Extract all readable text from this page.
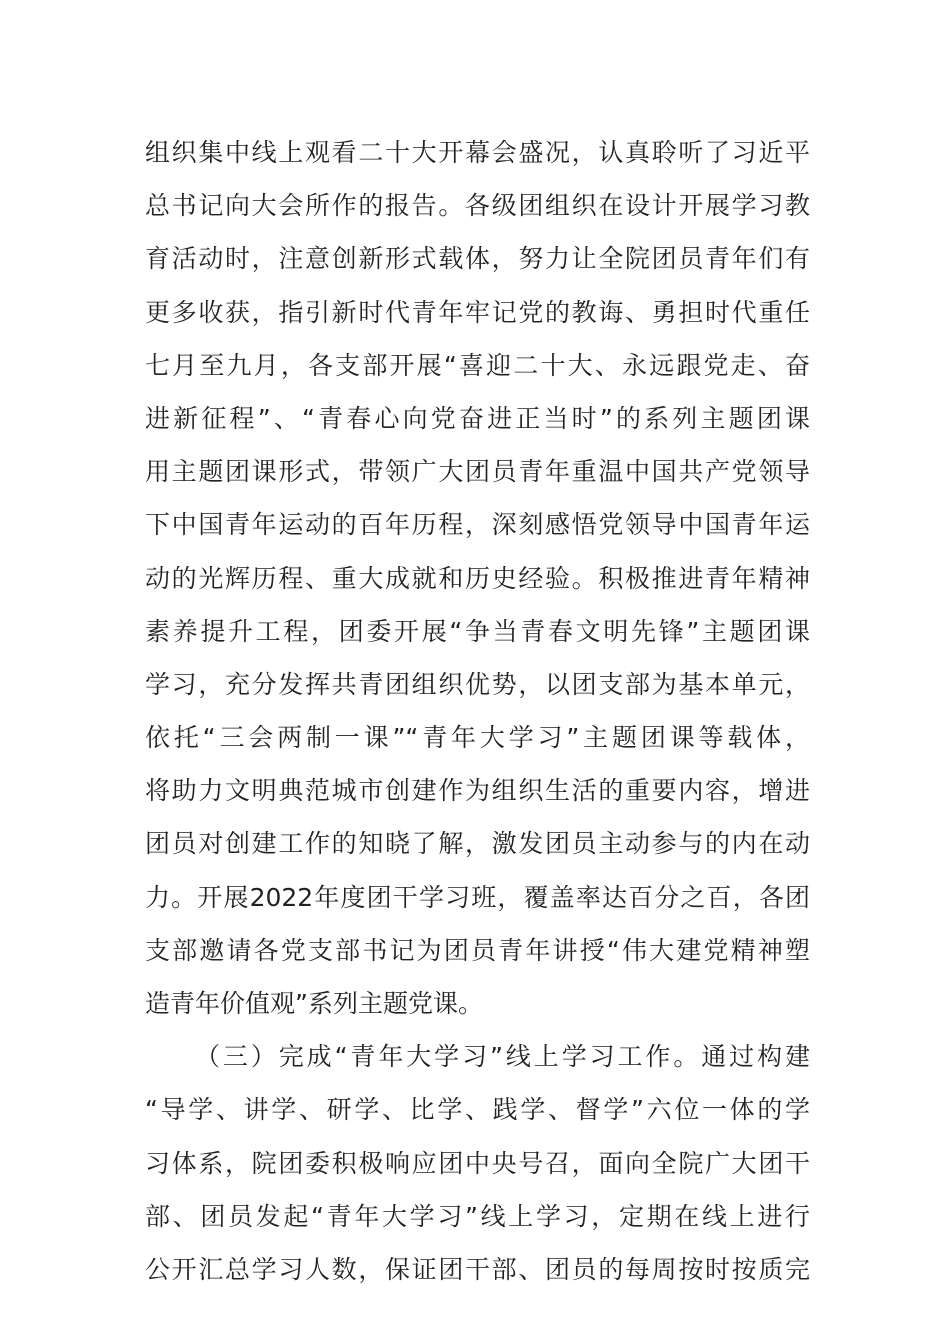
组织集中线上观看二十大开幕会盛况，认真聆听了习近平
总书记向大会所作的报告。各级团组织在设计开展学习教
育活动时，注意创新形式载体，努力让全院团员青年们有
更多收获，指引新时代青年牢记党的教诲、勇担时代重任
七月至九月，各支部开展“喜迎二十大、永远跟党走、奋
进新征程”、“青春心向党奋进正当时”的系列主题团课
用主题团课形式，带领广大团员青年重温中国共产党领导
下中国青年运动的百年历程，深刻感悟党领导中国青年运
动的光辉历程、重大成就和历史经验。积极推进青年精神
素养提升工程，团委开展“争当青春文明先锋”主题团课
学习，充分发挥共青团组织优势，以团支部为基本单元，
依托“三会两制一课”“青年大学习”主题团课等载体，
将助力文明典范城市创建作为组织生活的重要内容，增进
团员对创建工作的知晓了解，激发团员主动参与的内在动
力。开展2022年度团干学习班，覆盖率达百分之百，各团
支部邀请各党支部书记为团员青年讲授“伟大建党精神塑
造青年价值观”系列主题党课。
（三）完成“青年大学习”线上学习工作。通过构建
“导学、讲学、研学、比学、践学、督学”六位一体的学
习体系，院团委积极响应团中央号召，面向全院广大团干
部、团员发起“青年大学习”线上学习，定期在线上进行
公开汇总学习人数，保证团干部、团员的每周按时按质完
